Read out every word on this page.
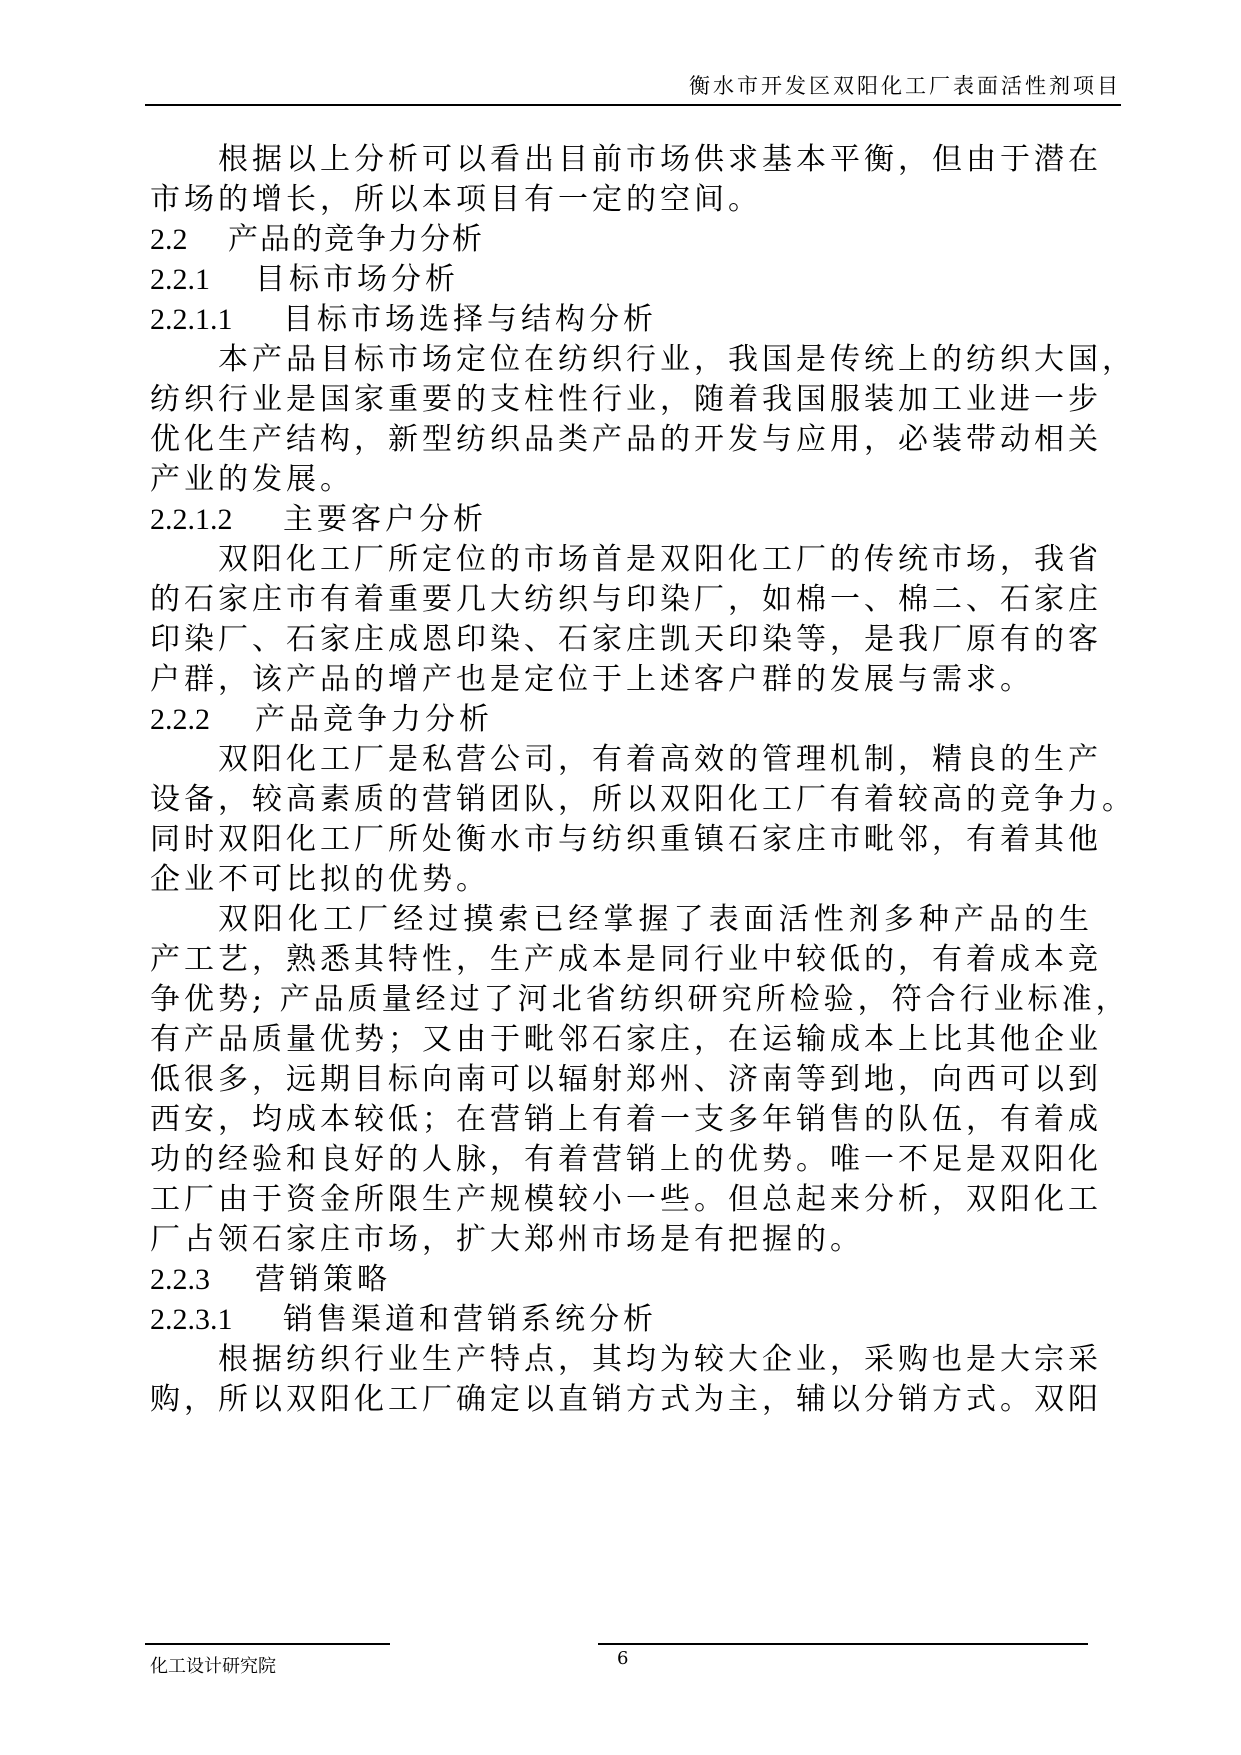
衡水市开发区双阳化工厂表面活性剂项目
根据以上分析可以看出目前市场供求基本平衡，但由于潜在
市场的增长，所以本项目有一定的空间。
2.2 产品的竞争力分析
2.2.1 目标市场分析
2.2.1.1 目标市场选择与结构分析
本产品目标市场定位在纺织行业，我国是传统上的纺织大国，
纺织行业是国家重要的支柱性行业，随着我国服装加工业进一步
优化生产结构，新型纺织品类产品的开发与应用，必装带动相关
产业的发展。
2.2.1.2 主要客户分析
双阳化工厂所定位的市场首是双阳化工厂的传统市场，我省
的石家庄市有着重要几大纺织与印染厂，如棉一、棉二、石家庄
印染厂、石家庄成恩印染、石家庄凯天印染等，是我厂原有的客
户群，该产品的增产也是定位于上述客户群的发展与需求。
2.2.2 产品竞争力分析
双阳化工厂是私营公司，有着高效的管理机制，精良的生产
设备，较高素质的营销团队，所以双阳化工厂有着较高的竞争力。
同时双阳化工厂所处衡水市与纺织重镇石家庄市毗邻，有着其他
企业不可比拟的优势。
双阳化工厂经过摸索已经掌握了表面活性剂多种产品的生
产工艺，熟悉其特性，生产成本是同行业中较低的，有着成本竞
争优势; 产品质量经过了河北省纺织研究所检验，符合行业标准，
有产品质量优势；又由于毗邻石家庄，在运输成本上比其他企业
低很多，远期目标向南可以辐射郑州、济南等到地，向西可以到
西安，均成本较低；在营销上有着一支多年销售的队伍，有着成
功的经验和良好的人脉，有着营销上的优势。唯一不足是双阳化
工厂由于资金所限生产规模较小一些。但总起来分析，双阳化工
厂占领石家庄市场，扩大郑州市场是有把握的。
2.2.3 营销策略
2.2.3.1 销售渠道和营销系统分析
根据纺织行业生产特点，其均为较大企业，采购也是大宗采
购，所以双阳化工厂确定以直销方式为主，辅以分销方式。双阳
化工设计研究院	6
